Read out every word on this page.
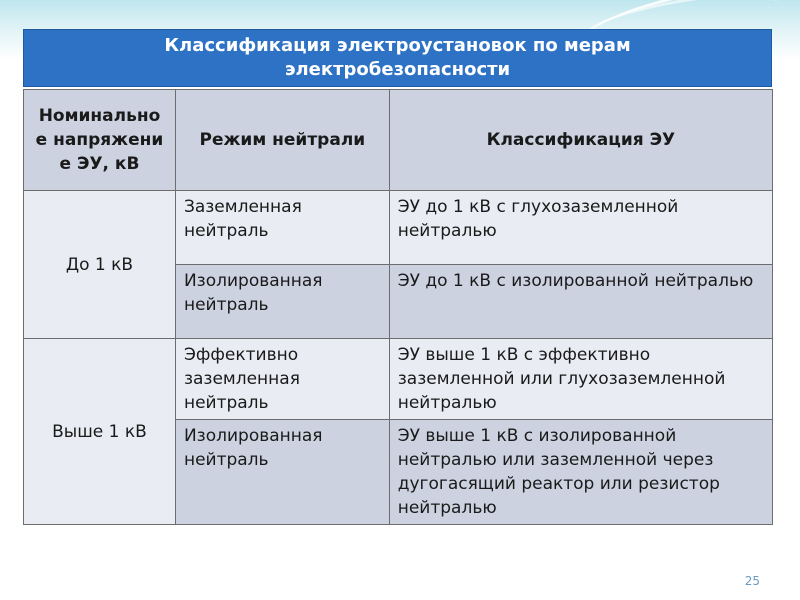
Классификация электроустановок по мерам
электробезопасности
Номинальное напряжение ЭУ, кВ	Режим нейтрали	Классификация ЭУ
До 1 кВ	Заземленная нейтраль	ЭУ до 1 кВ с глухозаземленной нейтралью
	Изолированная нейтраль	ЭУ до 1 кВ с изолированной нейтралью
Выше 1 кВ	Эффективно заземленная нейтраль	ЭУ выше 1 кВ с эффективно заземленной или глухозаземленной нейтралью
	Изолированная нейтраль	ЭУ выше 1 кВ с изолированной нейтралью или заземленной через дугогасящий реактор или резистор нейтралью
25
